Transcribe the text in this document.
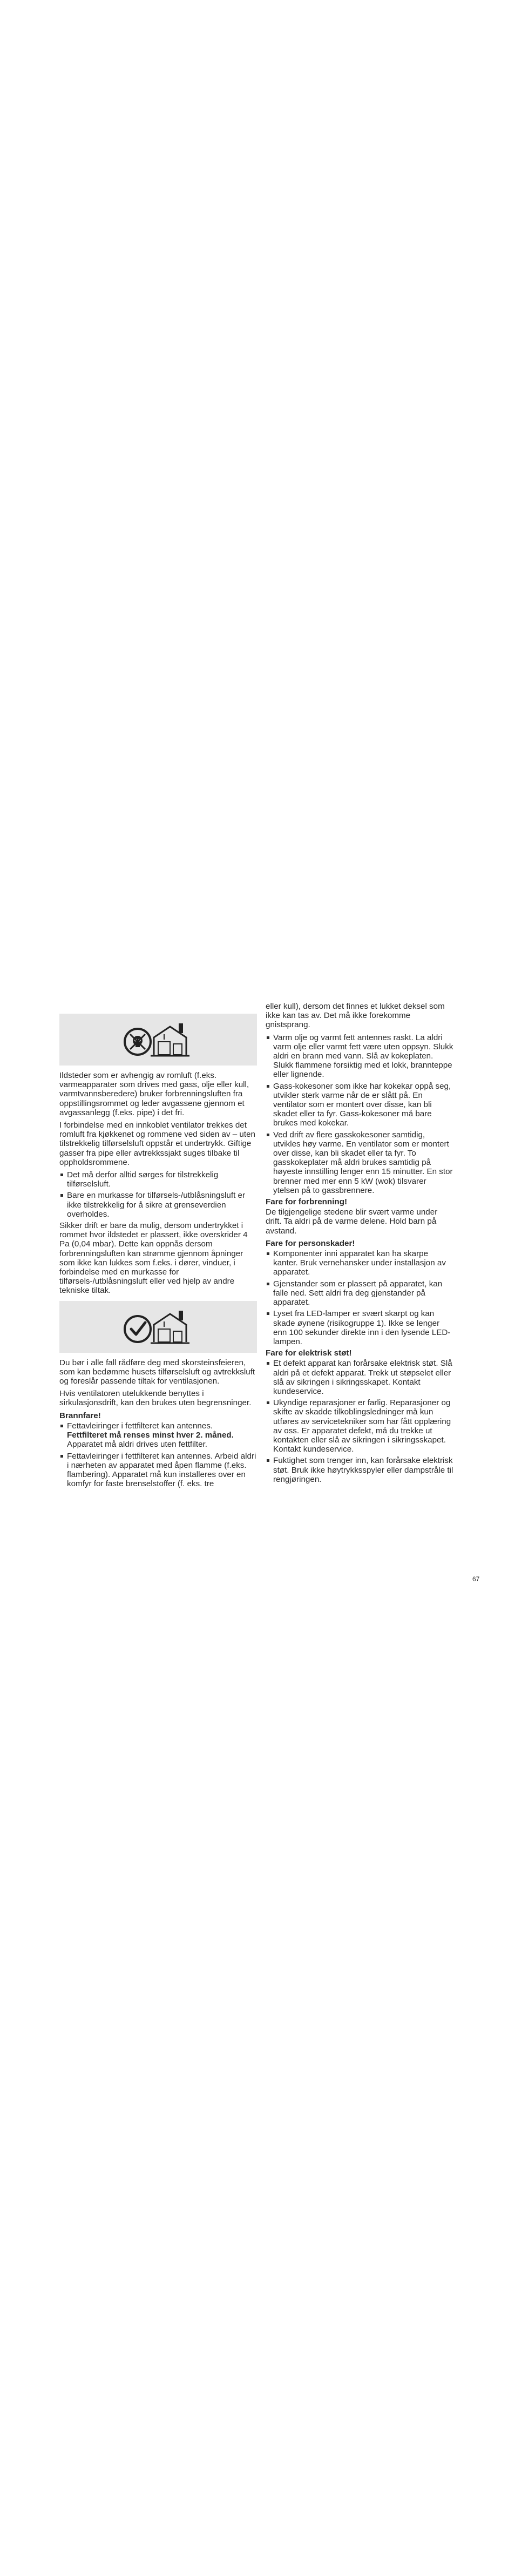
Ildsteder som er avhengig av romluft (f.eks. varmeapparater som drives med gass, olje eller kull, varmtvannsberedere) bruker forbrenningsluften fra oppstillingsrommet og leder avgassene gjennom et avgassanlegg (f.eks. pipe) i det fri.

I forbindelse med en innkoblet ventilator trekkes det romluft fra kjøkkenet og rommene ved siden av – uten tilstrekkelig tilførselsluft oppstår et undertrykk. Giftige gasser fra pipe eller avtrekkssjakt suges tilbake til oppholdsrommene.

Det må derfor alltid sørges for tilstrekkelig tilførselsluft.
Bare en murkasse for tilførsels-/utblåsningsluft er ikke tilstrekkelig for å sikre at grenseverdien overholdes.

Sikker drift er bare da mulig, dersom undertrykket i rommet hvor ildstedet er plassert, ikke overskrider 4 Pa (0,04 mbar). Dette kan oppnås dersom forbrenningsluften kan strømme gjennom åpninger som ikke kan lukkes som f.eks. i dører, vinduer, i forbindelse med en murkasse for tilførsels-/utblåsningsluft eller ved hjelp av andre tekniske tiltak.

Du bør i alle fall rådføre deg med skorsteinsfeieren, som kan bedømme husets tilførselsluft og avtrekksluft og foreslår passende tiltak for ventilasjonen.

Hvis ventilatoren utelukkende benyttes i sirkulasjonsdrift, kan den brukes uten begrensninger.

Brannfare!
Fettavleiringer i fettfilteret kan antennes.
Fettfilteret må renses minst hver 2. måned.
Apparatet må aldri drives uten fettfilter.
Fettavleiringer i fettfilteret kan antennes. Arbeid aldri i nærheten av apparatet med åpen flamme (f.eks. flambering). Apparatet må kun installeres over en komfyr for faste brenselstoffer (f. eks. tre

eller kull), dersom det finnes et lukket deksel som ikke kan tas av. Det må ikke forekomme gnistsprang.

Varm olje og varmt fett antennes raskt. La aldri varm olje eller varmt fett være uten oppsyn. Slukk aldri en brann med vann. Slå av kokeplaten. Slukk flammene forsiktig med et lokk, brannteppe eller lignende.
Gass-kokesoner som ikke har kokekar oppå seg, utvikler sterk varme når de er slått på. En ventilator som er montert over disse, kan bli skadet eller ta fyr. Gass-kokesoner må bare brukes med kokekar.
Ved drift av flere gasskokesoner samtidig, utvikles høy varme. En ventilator som er montert over disse, kan bli skadet eller ta fyr. To gasskokeplater må aldri brukes samtidig på høyeste innstilling lenger enn 15 minutter. En stor brenner med mer enn 5 kW (wok) tilsvarer ytelsen på to gassbrennere.
Fare for forbrenning!

De tilgjengelige stedene blir svært varme under drift. Ta aldri på de varme delene. Hold barn på avstand.

Fare for personskader!
Komponenter inni apparatet kan ha skarpe kanter. Bruk vernehansker under installasjon av apparatet.
Gjenstander som er plassert på apparatet, kan falle ned. Sett aldri fra deg gjenstander på apparatet.
Lyset fra LED-lamper er svært skarpt og kan skade øynene (risikogruppe 1). Ikke se lenger enn 100 sekunder direkte inn i den lysende LED-lampen.
Fare for elektrisk støt!
Et defekt apparat kan forårsake elektrisk støt. Slå aldri på et defekt apparat. Trekk ut støpselet eller slå av sikringen i sikringsskapet. Kontakt kundeservice.
Ukyndige reparasjoner er farlig. Reparasjoner og skifte av skadde tilkoblingsledninger må kun utføres av servicetekniker som har fått opplæring av oss. Er apparatet defekt, må du trekke ut kontakten eller slå av sikringen i sikringsskapet. Kontakt kundeservice.
Fuktighet som trenger inn, kan forårsake elektrisk støt. Bruk ikke høytrykksspyler eller dampstråle til rengjøringen.
67
